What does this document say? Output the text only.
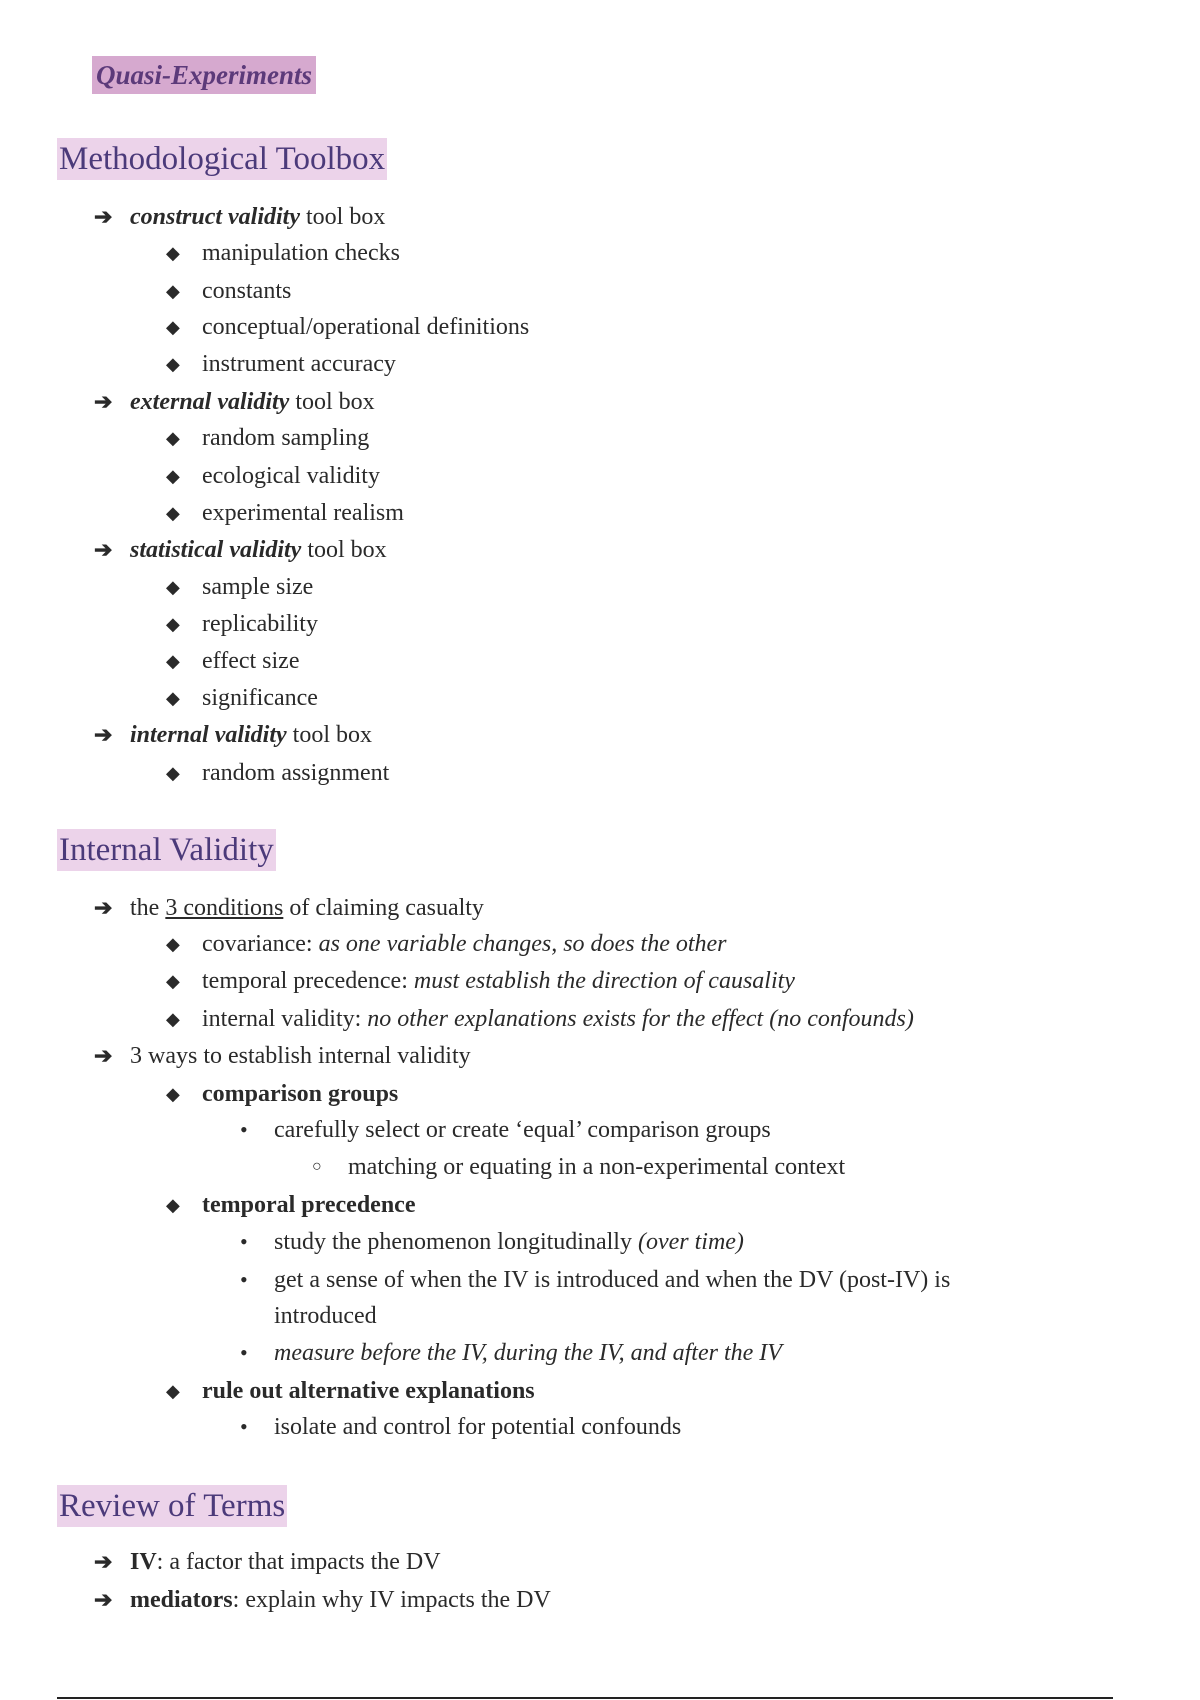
Quasi-Experiments
Methodological Toolbox
➔ construct validity tool box
◆ manipulation checks
◆ constants
◆ conceptual/operational definitions
◆ instrument accuracy
➔ external validity tool box
◆ random sampling
◆ ecological validity
◆ experimental realism
➔ statistical validity tool box
◆ sample size
◆ replicability
◆ effect size
◆ significance
➔ internal validity tool box
◆ random assignment
Internal Validity
➔ the 3 conditions of claiming casualty
◆ covariance: as one variable changes, so does the other
◆ temporal precedence: must establish the direction of causality
◆ internal validity: no other explanations exists for the effect (no confounds)
➔ 3 ways to establish internal validity
◆ comparison groups
• carefully select or create ‘equal’ comparison groups
○ matching or equating in a non-experimental context
◆ temporal precedence
• study the phenomenon longitudinally (over time)
• get a sense of when the IV is introduced and when the DV (post-IV) is
introduced
• measure before the IV, during the IV, and after the IV
◆ rule out alternative explanations
• isolate and control for potential confounds
Review of Terms
➔ IV: a factor that impacts the DV
➔ mediators: explain why IV impacts the DV
